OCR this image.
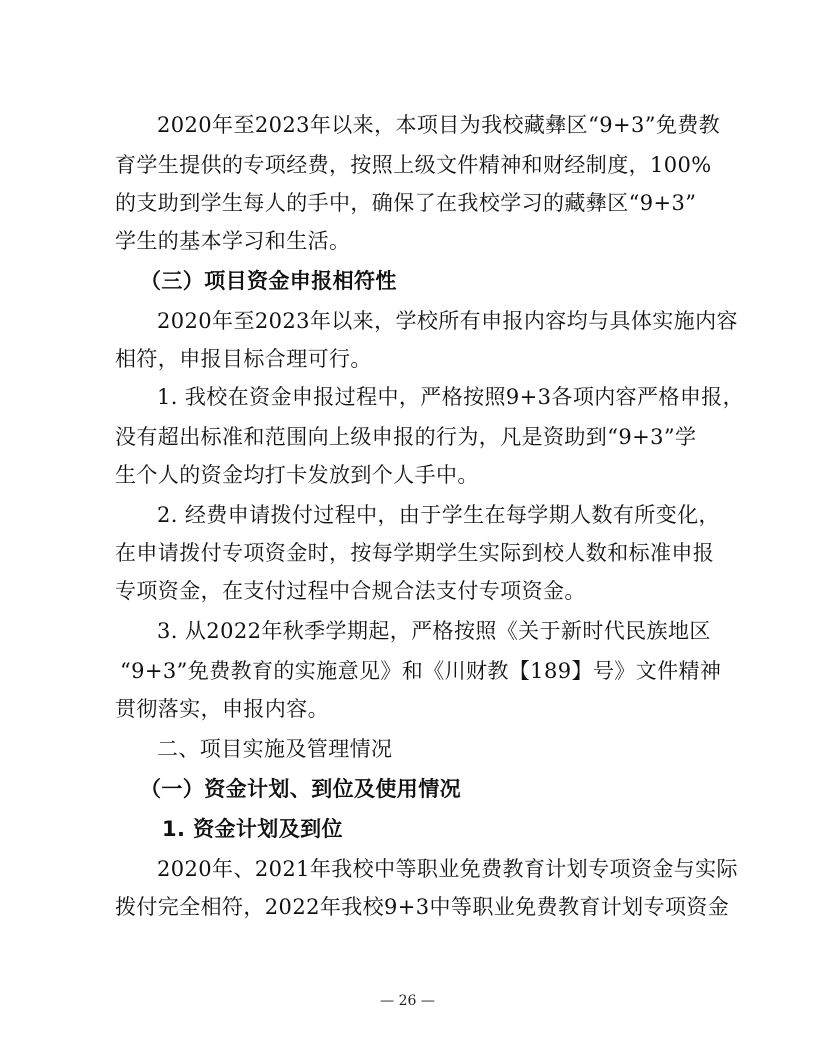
2020年至2023年以来，本项目为我校藏彝区“9+3”免费教
育学生提供的专项经费，按照上级文件精神和财经制度，100%
的支助到学生每人的手中，确保了在我校学习的藏彝区“9+3”
学生的基本学习和生活。
（三）项目资金申报相符性
2020年至2023年以来，学校所有申报内容均与具体实施内容
相符，申报目标合理可行。
1. 我校在资金申报过程中，严格按照9+3各项内容严格申报，
没有超出标准和范围向上级申报的行为，凡是资助到“9+3”学
生个人的资金均打卡发放到个人手中。
2. 经费申请拨付过程中，由于学生在每学期人数有所变化，
在申请拨付专项资金时，按每学期学生实际到校人数和标准申报
专项资金，在支付过程中合规合法支付专项资金。
3. 从2022年秋季学期起，严格按照《关于新时代民族地区
“9+3”免费教育的实施意见》和《川财教【189】号》文件精神
贯彻落实，申报内容。
二、项目实施及管理情况
（一）资金计划、到位及使用情况
1. 资金计划及到位
2020年、2021年我校中等职业免费教育计划专项资金与实际
拨付完全相符，2022年我校9+3中等职业免费教育计划专项资金
— 26 —
